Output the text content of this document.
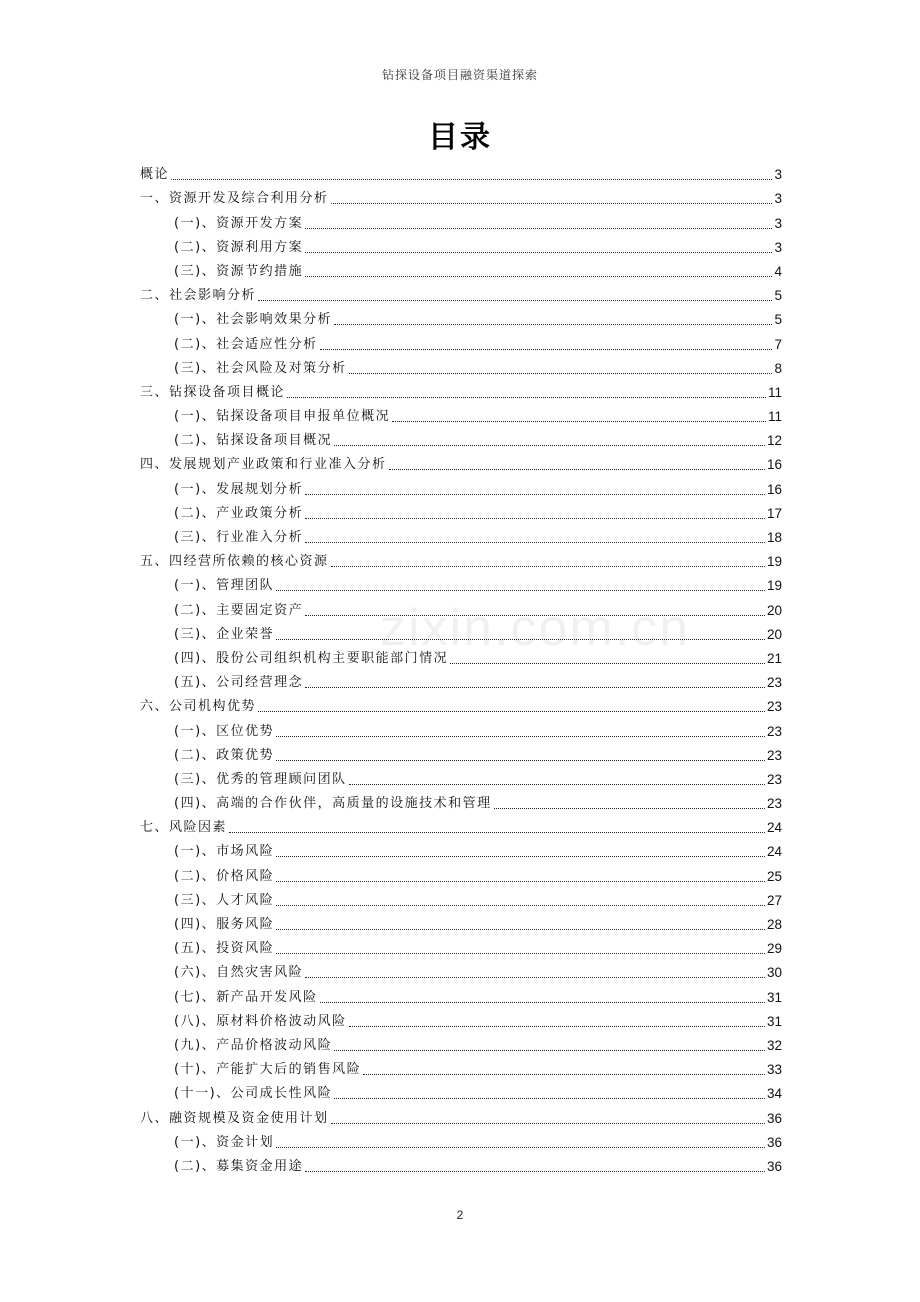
钻探设备项目融资渠道探索
目录
zixin.com.cn
概论	3
一、资源开发及综合利用分析	3
(一)、资源开发方案	3
(二)、资源利用方案	3
(三)、资源节约措施	4
二、社会影响分析	5
(一)、社会影响效果分析	5
(二)、社会适应性分析	7
(三)、社会风险及对策分析	8
三、钻探设备项目概论	11
(一)、钻探设备项目申报单位概况	11
(二)、钻探设备项目概况	12
四、发展规划产业政策和行业准入分析	16
(一)、发展规划分析	16
(二)、产业政策分析	17
(三)、行业准入分析	18
五、四经营所依赖的核心资源	19
(一)、管理团队	19
(二)、主要固定资产	20
(三)、企业荣誉	20
(四)、股份公司组织机构主要职能部门情况	21
(五)、公司经营理念	23
六、公司机构优势	23
(一)、区位优势	23
(二)、政策优势	23
(三)、优秀的管理顾问团队	23
(四)、高端的合作伙伴，高质量的设施技术和管理	23
七、风险因素	24
(一)、市场风险	24
(二)、价格风险	25
(三)、人才风险	27
(四)、服务风险	28
(五)、投资风险	29
(六)、自然灾害风险	30
(七)、新产品开发风险	31
(八)、原材料价格波动风险	31
(九)、产品价格波动风险	32
(十)、产能扩大后的销售风险	33
(十一)、公司成长性风险	34
八、融资规模及资金使用计划	36
(一)、资金计划	36
(二)、募集资金用途	36
2
